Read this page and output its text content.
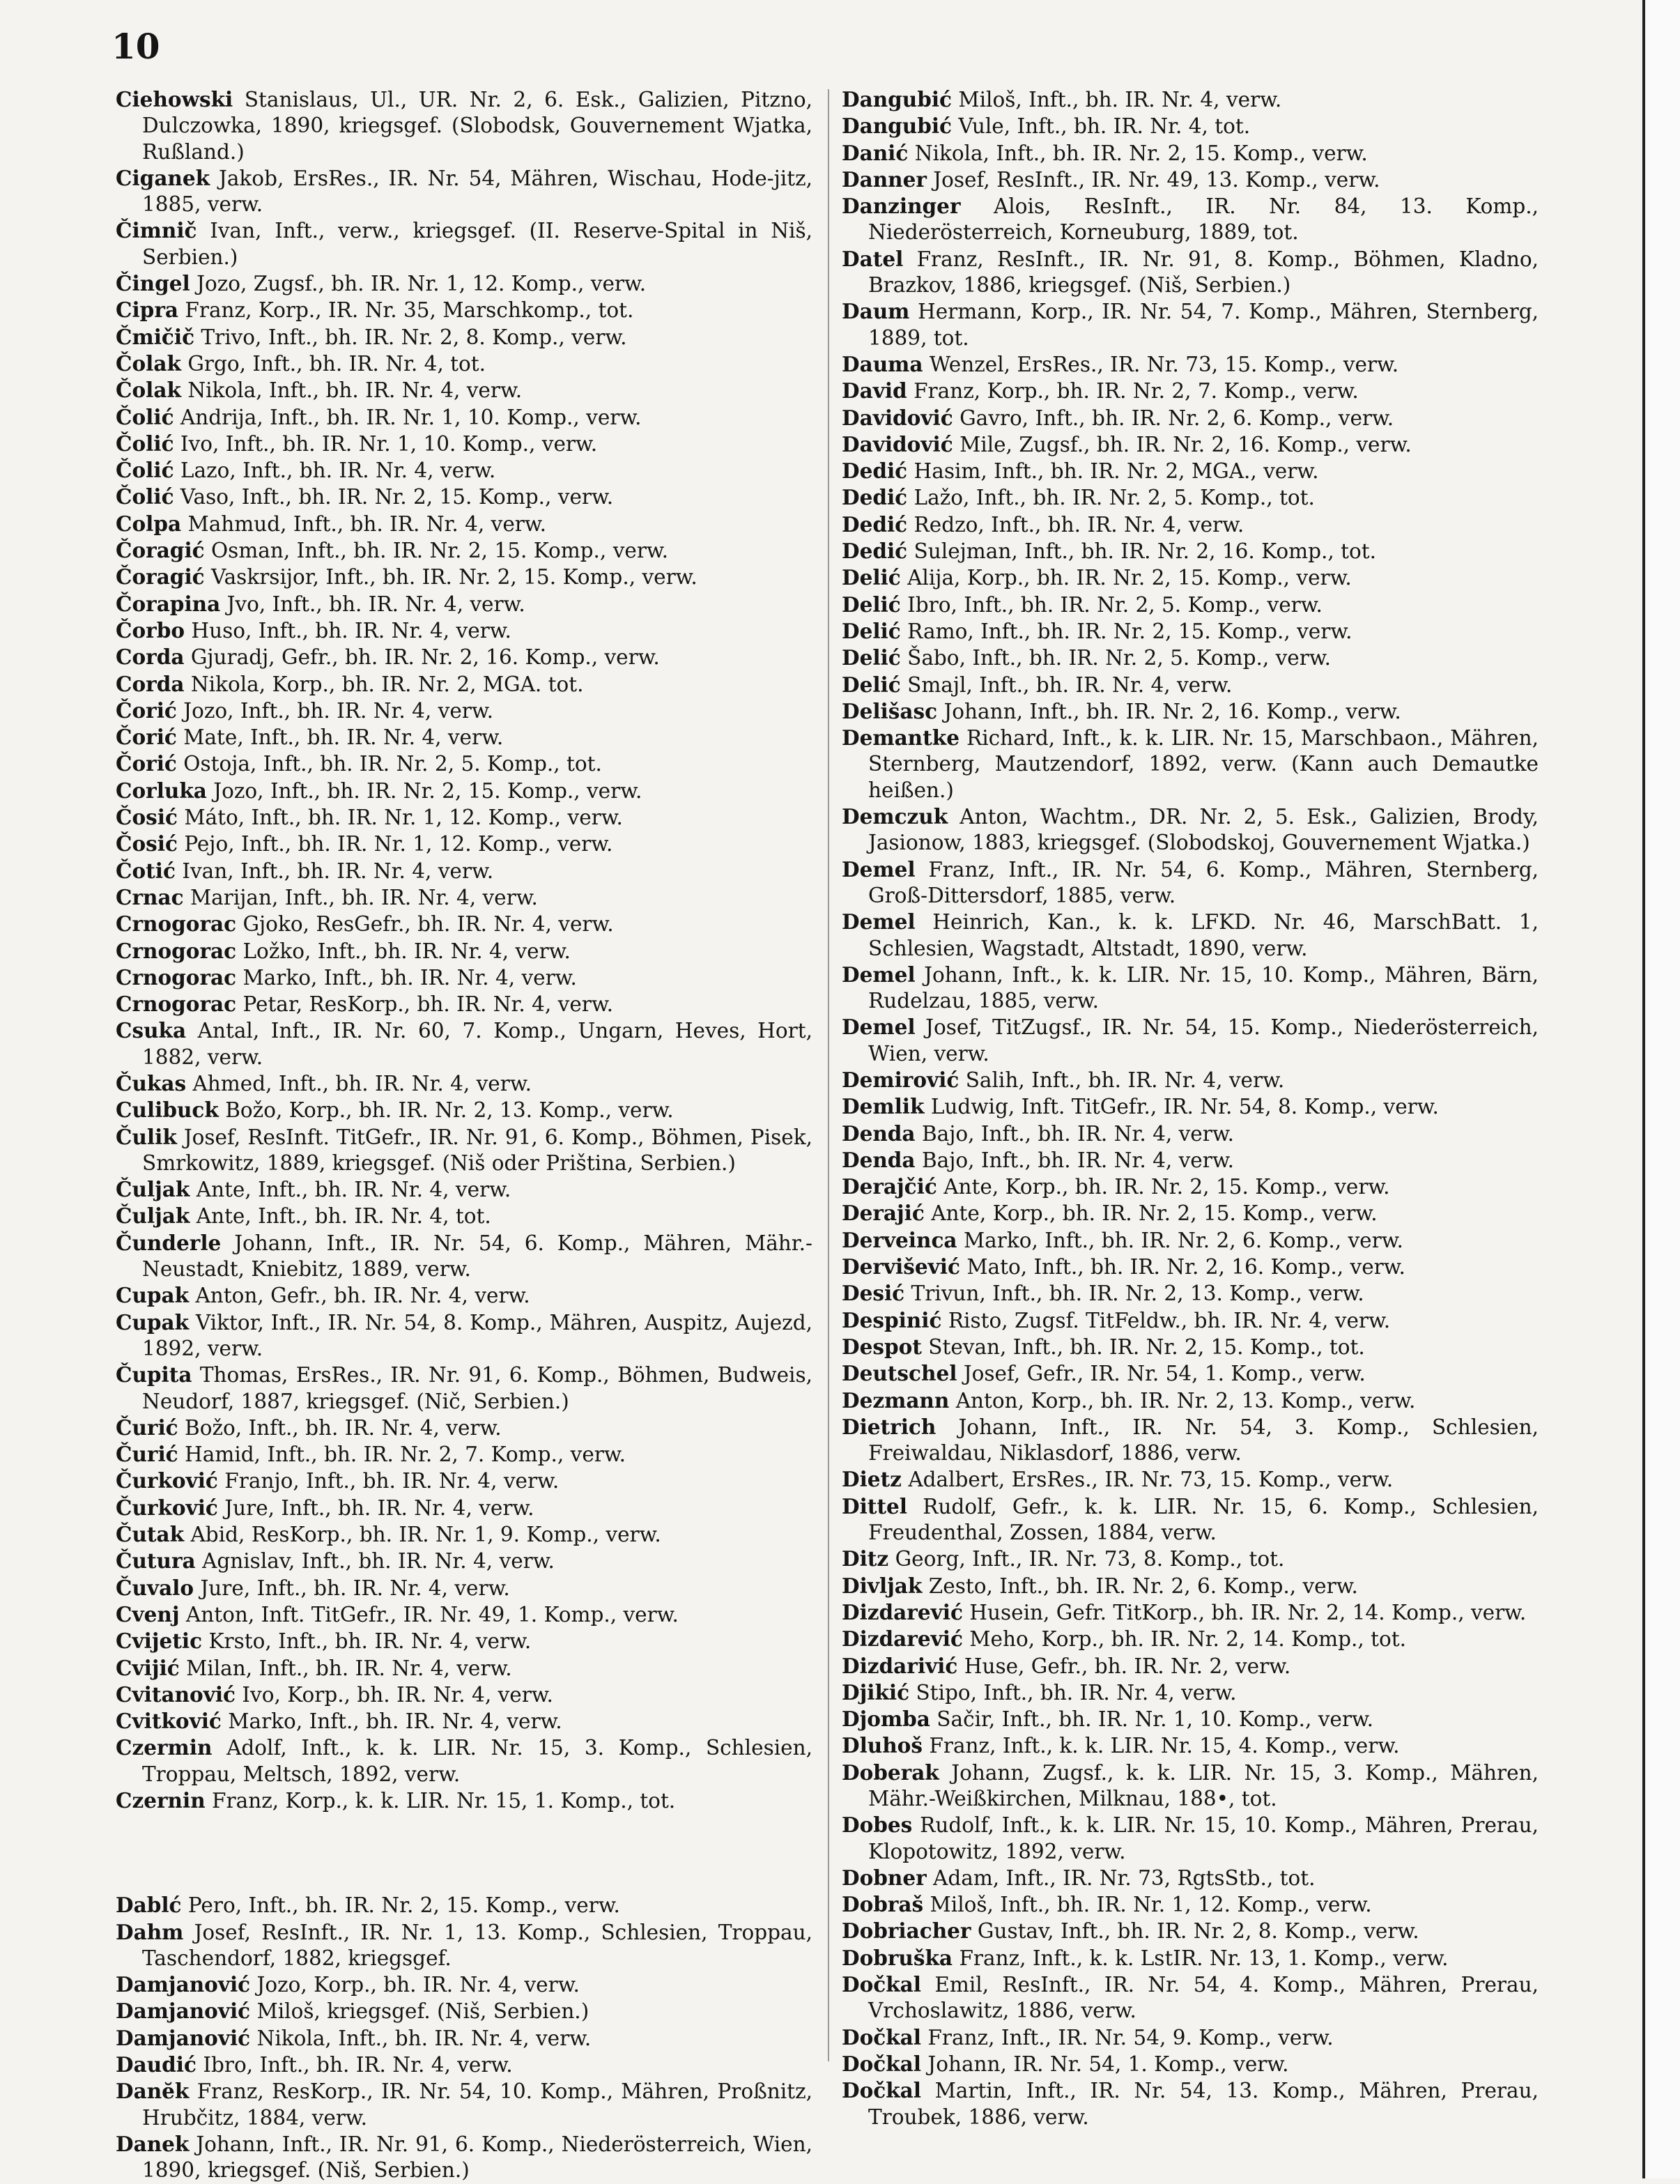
10

Ciehowski Stanislaus, Ul., UR. Nr. 2, 6. Esk., Galizien, Pitzno, Dulczowka, 1890, kriegsgef. (Slobodsk, Gouvernement Wjatka, Rußland.)

Ciganek Jakob, ErsRes., IR. Nr. 54, Mähren, Wischau, Hode-jitz, 1885, verw.

Čimnič Ivan, Inft., verw., kriegsgef. (II. Reserve-Spital in Niš, Serbien.)

Čingel Jozo, Zugsf., bh. IR. Nr. 1, 12. Komp., verw.

Cipra Franz, Korp., IR. Nr. 35, Marschkomp., tot.

Čmičič Trivo, Inft., bh. IR. Nr. 2, 8. Komp., verw.

Čolak Grgo, Inft., bh. IR. Nr. 4, tot.

Čolak Nikola, Inft., bh. IR. Nr. 4, verw.

Čolić Andrija, Inft., bh. IR. Nr. 1, 10. Komp., verw.

Čolić Ivo, Inft., bh. IR. Nr. 1, 10. Komp., verw.

Čolić Lazo, Inft., bh. IR. Nr. 4, verw.

Čolić Vaso, Inft., bh. IR. Nr. 2, 15. Komp., verw.

Colpa Mahmud, Inft., bh. IR. Nr. 4, verw.

Čoragić Osman, Inft., bh. IR. Nr. 2, 15. Komp., verw.

Čoragić Vaskrsijor, Inft., bh. IR. Nr. 2, 15. Komp., verw.

Čorapina Jvo, Inft., bh. IR. Nr. 4, verw.

Čorbo Huso, Inft., bh. IR. Nr. 4, verw.

Corda Gjuradj, Gefr., bh. IR. Nr. 2, 16. Komp., verw.

Corda Nikola, Korp., bh. IR. Nr. 2, MGA. tot.

Čorić Jozo, Inft., bh. IR. Nr. 4, verw.

Čorić Mate, Inft., bh. IR. Nr. 4, verw.

Čorić Ostoja, Inft., bh. IR. Nr. 2, 5. Komp., tot.

Corluka Jozo, Inft., bh. IR. Nr. 2, 15. Komp., verw.

Čosić Máto, Inft., bh. IR. Nr. 1, 12. Komp., verw.

Čosić Pejo, Inft., bh. IR. Nr. 1, 12. Komp., verw.

Čotić Ivan, Inft., bh. IR. Nr. 4, verw.

Crnac Marijan, Inft., bh. IR. Nr. 4, verw.

Crnogorac Gjoko, ResGefr., bh. IR. Nr. 4, verw.

Crnogorac Ložko, Inft., bh. IR. Nr. 4, verw.

Crnogorac Marko, Inft., bh. IR. Nr. 4, verw.

Crnogorac Petar, ResKorp., bh. IR. Nr. 4, verw.

Csuka Antal, Inft., IR. Nr. 60, 7. Komp., Ungarn, Heves, Hort, 1882, verw.

Čukas Ahmed, Inft., bh. IR. Nr. 4, verw.

Culibuck Božo, Korp., bh. IR. Nr. 2, 13. Komp., verw.

Čulik Josef, ResInft. TitGefr., IR. Nr. 91, 6. Komp., Böhmen, Pisek, Smrkowitz, 1889, kriegsgef. (Niš oder Priština, Serbien.)

Čuljak Ante, Inft., bh. IR. Nr. 4, verw.

Čuljak Ante, Inft., bh. IR. Nr. 4, tot.

Čunderle Johann, Inft., IR. Nr. 54, 6. Komp., Mähren, Mähr.-Neustadt, Kniebitz, 1889, verw.

Cupak Anton, Gefr., bh. IR. Nr. 4, verw.

Cupak Viktor, Inft., IR. Nr. 54, 8. Komp., Mähren, Auspitz, Aujezd, 1892, verw.

Čupita Thomas, ErsRes., IR. Nr. 91, 6. Komp., Böhmen, Budweis, Neudorf, 1887, kriegsgef. (Nič, Serbien.)

Čurić Božo, Inft., bh. IR. Nr. 4, verw.

Čurić Hamid, Inft., bh. IR. Nr. 2, 7. Komp., verw.

Čurković Franjo, Inft., bh. IR. Nr. 4, verw.

Čurković Jure, Inft., bh. IR. Nr. 4, verw.

Čutak Abid, ResKorp., bh. IR. Nr. 1, 9. Komp., verw.

Čutura Agnislav, Inft., bh. IR. Nr. 4, verw.

Čuvalo Jure, Inft., bh. IR. Nr. 4, verw.

Cvenj Anton, Inft. TitGefr., IR. Nr. 49, 1. Komp., verw.

Cvijetic Krsto, Inft., bh. IR. Nr. 4, verw.

Cvijić Milan, Inft., bh. IR. Nr. 4, verw.

Cvitanović Ivo, Korp., bh. IR. Nr. 4, verw.

Cvitković Marko, Inft., bh. IR. Nr. 4, verw.

Czermin Adolf, Inft., k. k. LIR. Nr. 15, 3. Komp., Schlesien, Troppau, Meltsch, 1892, verw.

Czernin Franz, Korp., k. k. LIR. Nr. 15, 1. Komp., tot.

Dablć Pero, Inft., bh. IR. Nr. 2, 15. Komp., verw.

Dahm Josef, ResInft., IR. Nr. 1, 13. Komp., Schlesien, Troppau, Taschendorf, 1882, kriegsgef.

Damjanović Jozo, Korp., bh. IR. Nr. 4, verw.

Damjanović Miloš, kriegsgef. (Niš, Serbien.)

Damjanović Nikola, Inft., bh. IR. Nr. 4, verw.

Daudić Ibro, Inft., bh. IR. Nr. 4, verw.

Danĕk Franz, ResKorp., IR. Nr. 54, 10. Komp., Mähren, Proßnitz, Hrubčitz, 1884, verw.

Danek Johann, Inft., IR. Nr. 91, 6. Komp., Niederösterreich, Wien, 1890, kriegsgef. (Niš, Serbien.)

Dangubić Miloš, Inft., bh. IR. Nr. 4, verw.

Dangubić Vule, Inft., bh. IR. Nr. 4, tot.

Danić Nikola, Inft., bh. IR. Nr. 2, 15. Komp., verw.

Danner Josef, ResInft., IR. Nr. 49, 13. Komp., verw.

Danzinger Alois, ResInft., IR. Nr. 84, 13. Komp., Niederösterreich, Korneuburg, 1889, tot.

Datel Franz, ResInft., IR. Nr. 91, 8. Komp., Böhmen, Kladno, Brazkov, 1886, kriegsgef. (Niš, Serbien.)

Daum Hermann, Korp., IR. Nr. 54, 7. Komp., Mähren, Sternberg, 1889, tot.

Dauma Wenzel, ErsRes., IR. Nr. 73, 15. Komp., verw.

David Franz, Korp., bh. IR. Nr. 2, 7. Komp., verw.

Davidović Gavro, Inft., bh. IR. Nr. 2, 6. Komp., verw.

Davidović Mile, Zugsf., bh. IR. Nr. 2, 16. Komp., verw.

Dedić Hasim, Inft., bh. IR. Nr. 2, MGA., verw.

Dedić Lažo, Inft., bh. IR. Nr. 2, 5. Komp., tot.

Dedić Redzo, Inft., bh. IR. Nr. 4, verw.

Dedić Sulejman, Inft., bh. IR. Nr. 2, 16. Komp., tot.

Delić Alija, Korp., bh. IR. Nr. 2, 15. Komp., verw.

Delić Ibro, Inft., bh. IR. Nr. 2, 5. Komp., verw.

Delić Ramo, Inft., bh. IR. Nr. 2, 15. Komp., verw.

Delić Šabo, Inft., bh. IR. Nr. 2, 5. Komp., verw.

Delić Smajl, Inft., bh. IR. Nr. 4, verw.

Delišasc Johann, Inft., bh. IR. Nr. 2, 16. Komp., verw.

Demantke Richard, Inft., k. k. LIR. Nr. 15, Marschbaon., Mähren, Sternberg, Mautzendorf, 1892, verw. (Kann auch Demautke heißen.)

Demczuk Anton, Wachtm., DR. Nr. 2, 5. Esk., Galizien, Brody, Jasionow, 1883, kriegsgef. (Slobodskoj, Gouvernement Wjatka.)

Demel Franz, Inft., IR. Nr. 54, 6. Komp., Mähren, Sternberg, Groß-Dittersdorf, 1885, verw.

Demel Heinrich, Kan., k. k. LFKD. Nr. 46, MarschBatt. 1, Schlesien, Wagstadt, Altstadt, 1890, verw.

Demel Johann, Inft., k. k. LIR. Nr. 15, 10. Komp., Mähren, Bärn, Rudelzau, 1885, verw.

Demel Josef, TitZugsf., IR. Nr. 54, 15. Komp., Niederösterreich, Wien, verw.

Demirović Salih, Inft., bh. IR. Nr. 4, verw.

Demlik Ludwig, Inft. TitGefr., IR. Nr. 54, 8. Komp., verw.

Denda Bajo, Inft., bh. IR. Nr. 4, verw.

Denda Bajo, Inft., bh. IR. Nr. 4, verw.

Derajčić Ante, Korp., bh. IR. Nr. 2, 15. Komp., verw.

Derajić Ante, Korp., bh. IR. Nr. 2, 15. Komp., verw.

Derveinca Marko, Inft., bh. IR. Nr. 2, 6. Komp., verw.

Dervišević Mato, Inft., bh. IR. Nr. 2, 16. Komp., verw.

Desić Trivun, Inft., bh. IR. Nr. 2, 13. Komp., verw.

Despinić Risto, Zugsf. TitFeldw., bh. IR. Nr. 4, verw.

Despot Stevan, Inft., bh. IR. Nr. 2, 15. Komp., tot.

Deutschel Josef, Gefr., IR. Nr. 54, 1. Komp., verw.

Dezmann Anton, Korp., bh. IR. Nr. 2, 13. Komp., verw.

Dietrich Johann, Inft., IR. Nr. 54, 3. Komp., Schlesien, Freiwaldau, Niklasdorf, 1886, verw.

Dietz Adalbert, ErsRes., IR. Nr. 73, 15. Komp., verw.

Dittel Rudolf, Gefr., k. k. LIR. Nr. 15, 6. Komp., Schlesien, Freudenthal, Zossen, 1884, verw.

Ditz Georg, Inft., IR. Nr. 73, 8. Komp., tot.

Divljak Zesto, Inft., bh. IR. Nr. 2, 6. Komp., verw.

Dizdarević Husein, Gefr. TitKorp., bh. IR. Nr. 2, 14. Komp., verw.

Dizdarević Meho, Korp., bh. IR. Nr. 2, 14. Komp., tot.

Dizdarivić Huse, Gefr., bh. IR. Nr. 2, verw.

Djikić Stipo, Inft., bh. IR. Nr. 4, verw.

Djomba Sačir, Inft., bh. IR. Nr. 1, 10. Komp., verw.

Dluhoš Franz, Inft., k. k. LIR. Nr. 15, 4. Komp., verw.

Doberak Johann, Zugsf., k. k. LIR. Nr. 15, 3. Komp., Mähren, Mähr.-Weißkirchen, Milknau, 188•, tot.

Dobes Rudolf, Inft., k. k. LIR. Nr. 15, 10. Komp., Mähren, Prerau, Klopotowitz, 1892, verw.

Dobner Adam, Inft., IR. Nr. 73, RgtsStb., tot.

Dobraš Miloš, Inft., bh. IR. Nr. 1, 12. Komp., verw.

Dobriacher Gustav, Inft., bh. IR. Nr. 2, 8. Komp., verw.

Dobruška Franz, Inft., k. k. LstIR. Nr. 13, 1. Komp., verw.

Dočkal Emil, ResInft., IR. Nr. 54, 4. Komp., Mähren, Prerau, Vrchoslawitz, 1886, verw.

Dočkal Franz, Inft., IR. Nr. 54, 9. Komp., verw.

Dočkal Johann, IR. Nr. 54, 1. Komp., verw.

Dočkal Martin, Inft., IR. Nr. 54, 13. Komp., Mähren, Prerau, Troubek, 1886, verw.
